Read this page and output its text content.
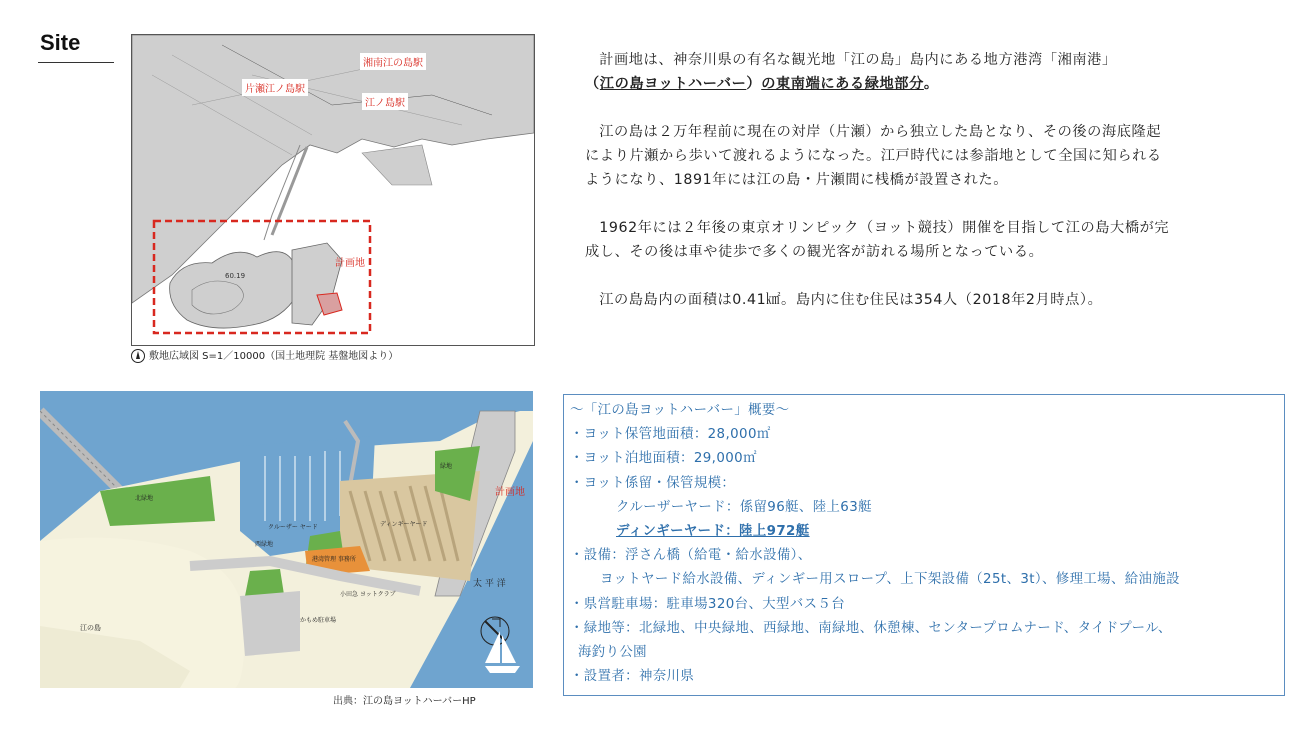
Site
湘南江の島駅
片瀬江ノ島駅
江ノ島駅
計画地
60.19
敷地広域図 S=1／10000（国土地理院 基盤地図より）

計画地は、神奈川県の有名な観光地「江の島」島内にある地方港湾「湘南港」

（江の島ヨットハーバー）の東南端にある緑地部分。

江の島は２万年程前に現在の対岸（片瀬）から独立した島となり、その後の海底隆起

により片瀬から歩いて渡れるようになった。江戸時代には参詣地として全国に知られる

ようになり、1891年には江の島・片瀬間に桟橋が設置された。

1962年には２年後の東京オリンピック（ヨット競技）開催を目指して江の島大橋が完

成し、その後は車や徒歩で多くの観光客が訪れる場所となっている。

江の島島内の面積は0.41㎢。島内に住む住民は354人（2018年2月時点）。

計画地
太 平 洋
江の島
かもめ駐車場
小田急 ヨットクラブ
クルーザー ヤード	ディンギーヤード
緑地
西緑地
北緑地
港湾管理 事務所
出典：江の島ヨットハーバーHP
～「江の島ヨットハーバー」概要～
・ヨット保管地面積：28,000㎡
・ヨット泊地面積：29,000㎡
・ヨット係留・保管規模：
クルーザーヤード：係留96艇、陸上63艇
ディンギーヤード：陸上972艇
・設備：浮さん橋（給電・給水設備）、
ヨットヤード給水設備、ディンギー用スロープ、上下架設備（25t、3t）、修理工場、給油施設
・県営駐車場：駐車場320台、大型バス５台
・緑地等：北緑地、中央緑地、西緑地、南緑地、休憩棟、センタープロムナード、タイドプール、
海釣り公園
・設置者：神奈川県
